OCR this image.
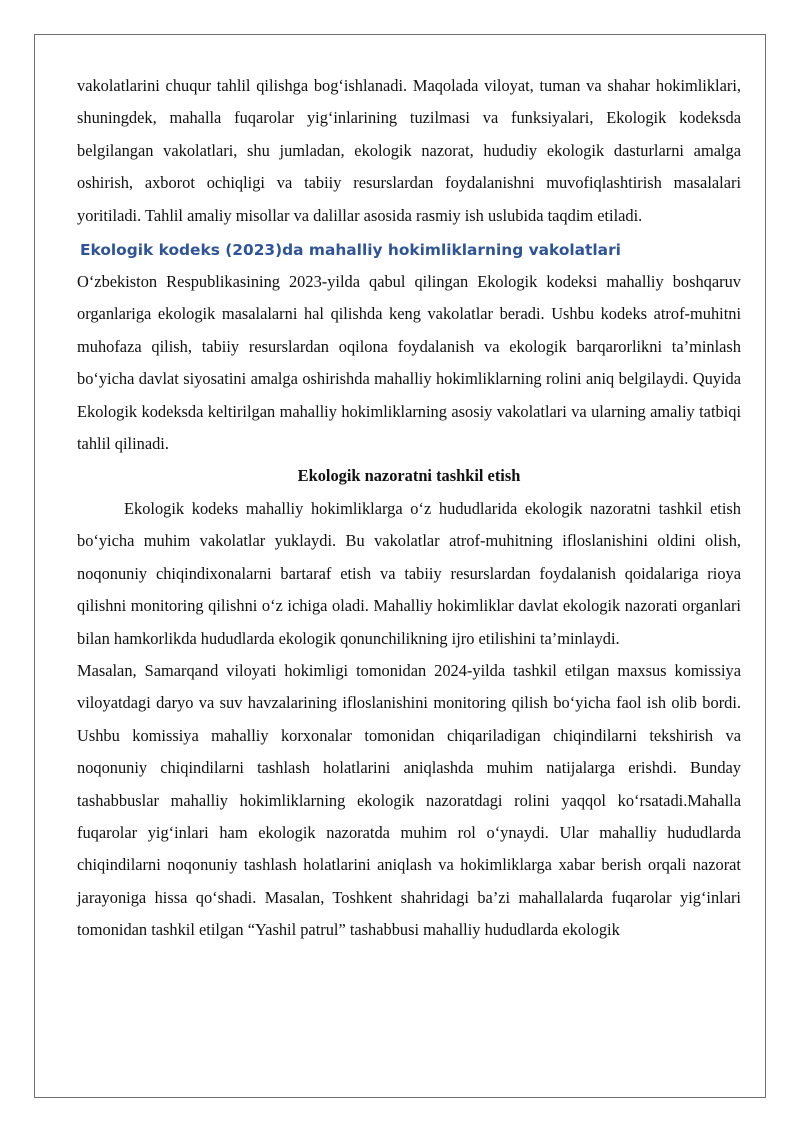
vakolatlarini chuqur tahlil qilishga bog‘ishlanadi. Maqolada viloyat, tuman va shahar hokimliklari, shuningdek, mahalla fuqarolar yig‘inlarining tuzilmasi va funksiyalari, Ekologik kodeksda belgilangan vakolatlari, shu jumladan, ekologik nazorat, hududiy ekologik dasturlarni amalga oshirish, axborot ochiqligi va tabiiy resurslardan foydalanishni muvofiqlashtirish masalalari yoritiladi. Tahlil amaliy misollar va dalillar asosida rasmiy ish uslubida taqdim etiladi.

Ekologik kodeks (2023)da mahalliy hokimliklarning vakolatlari

O‘zbekiston Respublikasining 2023-yilda qabul qilingan Ekologik kodeksi mahalliy boshqaruv organlariga ekologik masalalarni hal qilishda keng vakolatlar beradi. Ushbu kodeks atrof-muhitni muhofaza qilish, tabiiy resurslardan oqilona foydalanish va ekologik barqarorlikni ta’minlash bo‘yicha davlat siyosatini amalga oshirishda mahalliy hokimliklarning rolini aniq belgilaydi. Quyida Ekologik kodeksda keltirilgan mahalliy hokimliklarning asosiy vakolatlari va ularning amaliy tatbiqi tahlil qilinadi.

Ekologik nazoratni tashkil etish

Ekologik kodeks mahalliy hokimliklarga o‘z hududlarida ekologik nazoratni tashkil etish bo‘yicha muhim vakolatlar yuklaydi. Bu vakolatlar atrof-muhitning ifloslanishini oldini olish, noqonuniy chiqindixonalarni bartaraf etish va tabiiy resurslardan foydalanish qoidalariga rioya qilishni monitoring qilishni o‘z ichiga oladi. Mahalliy hokimliklar davlat ekologik nazorati organlari bilan hamkorlikda hududlarda ekologik qonunchilikning ijro etilishini ta’minlaydi.

Masalan, Samarqand viloyati hokimligi tomonidan 2024-yilda tashkil etilgan maxsus komissiya viloyatdagi daryo va suv havzalarining ifloslanishini monitoring qilish bo‘yicha faol ish olib bordi. Ushbu komissiya mahalliy korxonalar tomonidan chiqariladigan chiqindilarni tekshirish va noqonuniy chiqindilarni tashlash holatlarini aniqlashda muhim natijalarga erishdi. Bunday tashabbuslar mahalliy hokimliklarning ekologik nazoratdagi rolini yaqqol ko‘rsatadi.Mahalla fuqarolar yig‘inlari ham ekologik nazoratda muhim rol o‘ynaydi. Ular mahalliy hududlarda chiqindilarni noqonuniy tashlash holatlarini aniqlash va hokimliklarga xabar berish orqali nazorat jarayoniga hissa qo‘shadi. Masalan, Toshkent shahridagi ba’zi mahallalarda fuqarolar yig‘inlari tomonidan tashkil etilgan “Yashil patrul” tashabbusi mahalliy hududlarda ekologik
